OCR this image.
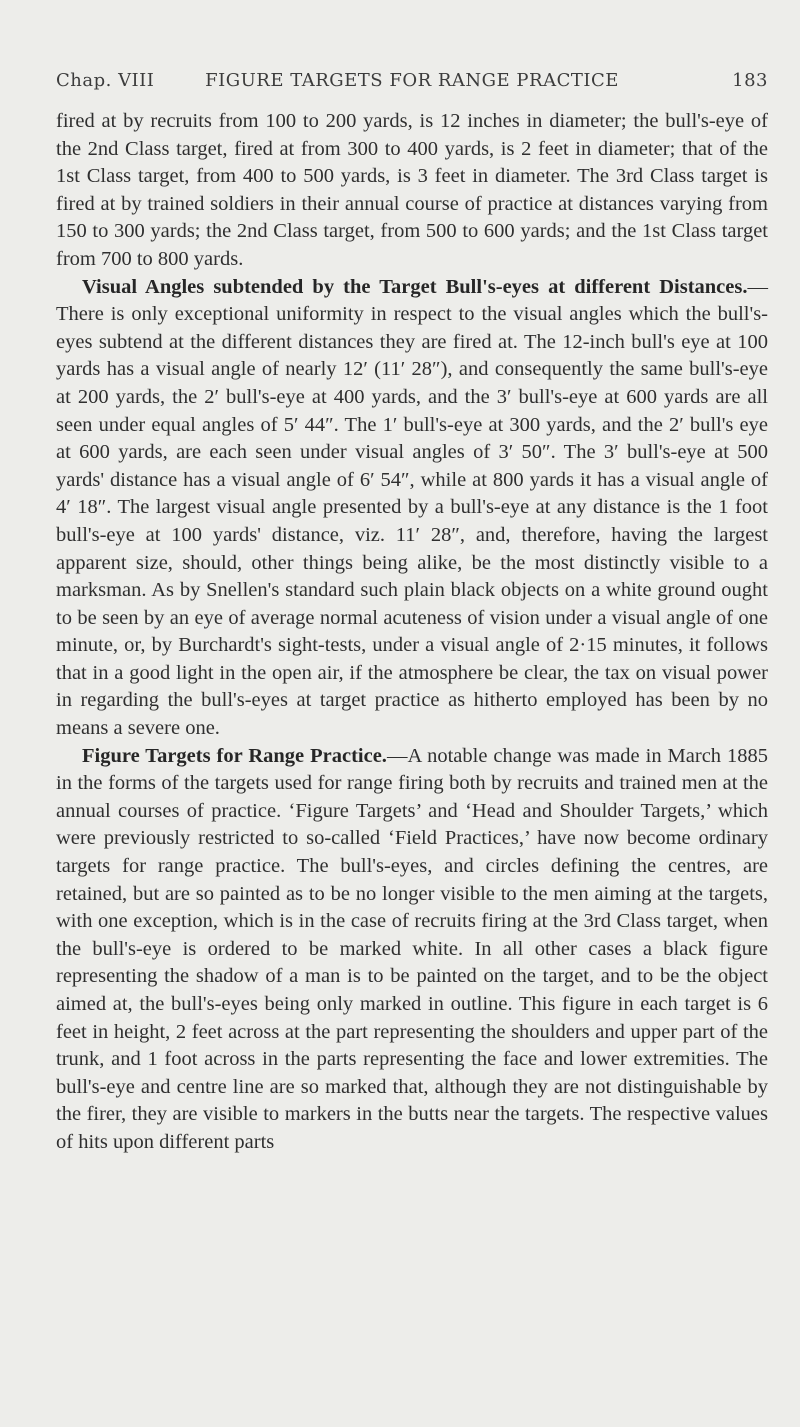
Chap. VIII	FIGURE TARGETS FOR RANGE PRACTICE	183

fired at by recruits from 100 to 200 yards, is 12 inches in diameter; the bull's-eye of the 2nd Class target, fired at from 300 to 400 yards, is 2 feet in diameter; that of the 1st Class target, from 400 to 500 yards, is 3 feet in diameter. The 3rd Class target is fired at by trained soldiers in their annual course of practice at distances varying from 150 to 300 yards; the 2nd Class target, from 500 to 600 yards; and the 1st Class target from 700 to 800 yards.

Visual Angles subtended by the Target Bull's-eyes at different Distances.—There is only exceptional uniformity in respect to the visual angles which the bull's-eyes subtend at the different distances they are fired at. The 12-inch bull's eye at 100 yards has a visual angle of nearly 12′ (11′ 28″), and consequently the same bull's-eye at 200 yards, the 2′ bull's-eye at 400 yards, and the 3′ bull's-eye at 600 yards are all seen under equal angles of 5′ 44″. The 1′ bull's-eye at 300 yards, and the 2′ bull's eye at 600 yards, are each seen under visual angles of 3′ 50″. The 3′ bull's-eye at 500 yards' distance has a visual angle of 6′ 54″, while at 800 yards it has a visual angle of 4′ 18″. The largest visual angle presented by a bull's-eye at any distance is the 1 foot bull's-eye at 100 yards' distance, viz. 11′ 28″, and, therefore, having the largest apparent size, should, other things being alike, be the most distinctly visible to a marksman. As by Snellen's standard such plain black objects on a white ground ought to be seen by an eye of average normal acuteness of vision under a visual angle of one minute, or, by Burchardt's sight-tests, under a visual angle of 2·15 minutes, it follows that in a good light in the open air, if the atmosphere be clear, the tax on visual power in regarding the bull's-eyes at target practice as hitherto employed has been by no means a severe one.

Figure Targets for Range Practice.—A notable change was made in March 1885 in the forms of the targets used for range firing both by recruits and trained men at the annual courses of practice. ‘Figure Targets’ and ‘Head and Shoulder Targets,’ which were previously restricted to so-called ‘Field Practices,’ have now become ordinary targets for range practice. The bull's-eyes, and circles defining the centres, are retained, but are so painted as to be no longer visible to the men aiming at the targets, with one exception, which is in the case of recruits firing at the 3rd Class target, when the bull's-eye is ordered to be marked white. In all other cases a black figure representing the shadow of a man is to be painted on the target, and to be the object aimed at, the bull's-eyes being only marked in outline. This figure in each target is 6 feet in height, 2 feet across at the part representing the shoulders and upper part of the trunk, and 1 foot across in the parts representing the face and lower extremities. The bull's-eye and centre line are so marked that, although they are not distinguishable by the firer, they are visible to markers in the butts near the targets. The respective values of hits upon different parts
